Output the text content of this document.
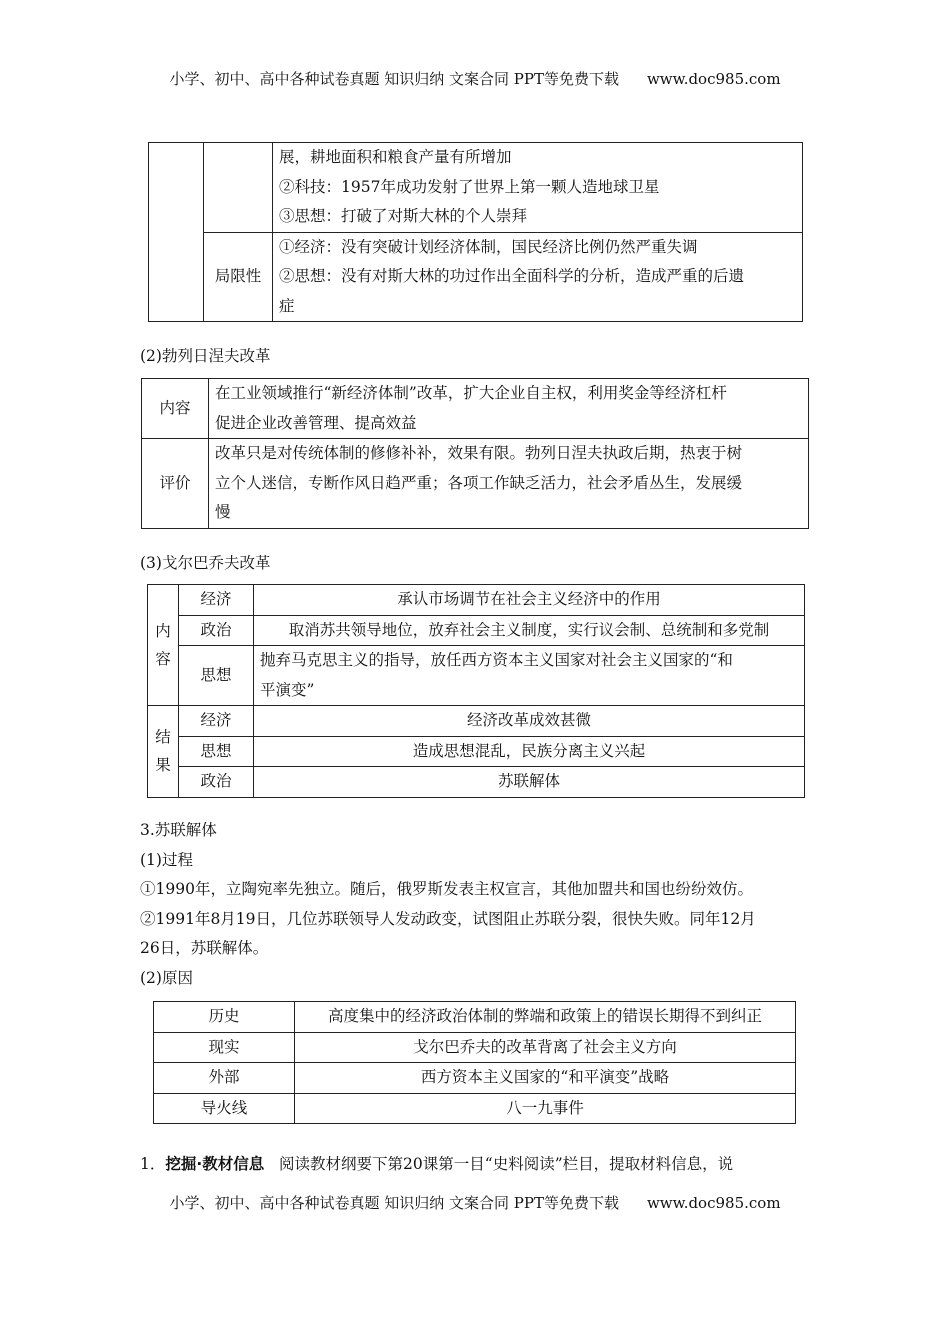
小学、初中、高中各种试卷真题 知识归纳 文案合同 PPT等免费下载 www.doc985.com

		展，耕地面积和粮食产量有所增加
②科技：1957年成功发射了世界上第一颗人造地球卫星
③思想：打破了对斯大林的个人崇拜

	局限性	①经济：没有突破计划经济体制，国民经济比例仍然严重失调
②思想：没有对斯大林的功过作出全面科学的分析，造成严重的后遗
症
(2)勃列日涅夫改革
内容	在工业领域推行“新经济体制”改革，扩大企业自主权，利用奖金等经济杠杆
促进企业改善管理、提高效益

评价	改革只是对传统体制的修修补补，效果有限。勃列日涅夫执政后期，热衷于树
立个人迷信，专断作风日趋严重；各项工作缺乏活力，社会矛盾丛生，发展缓
慢
(3)戈尔巴乔夫改革
内
容	经济	承认市场调节在社会主义经济中的作用
	政治	取消苏共领导地位，放弃社会主义制度，实行议会制、总统制和多党制
	思想	抛弃马克思主义的指导，放任西方资本主义国家对社会主义国家的“和
平演变”

结
果	经济	经济改革成效甚微
	思想	造成思想混乱，民族分离主义兴起
	政治	苏联解体
3.苏联解体
(1)过程
①1990年，立陶宛率先独立。随后，俄罗斯发表主权宣言，其他加盟共和国也纷纷效仿。
②1991年8月19日，几位苏联领导人发动政变，试图阻止苏联分裂，很快失败。同年12月
26日，苏联解体。
(2)原因
历史	高度集中的经济政治体制的弊端和政策上的错误长期得不到纠正
现实	戈尔巴乔夫的改革背离了社会主义方向
外部	西方资本主义国家的“和平演变”战略
导火线	八一九事件
1．挖掘·教材信息 阅读教材纲要下第20课第一目“史料阅读”栏目，提取材料信息，说
小学、初中、高中各种试卷真题 知识归纳 文案合同 PPT等免费下载 www.doc985.com
